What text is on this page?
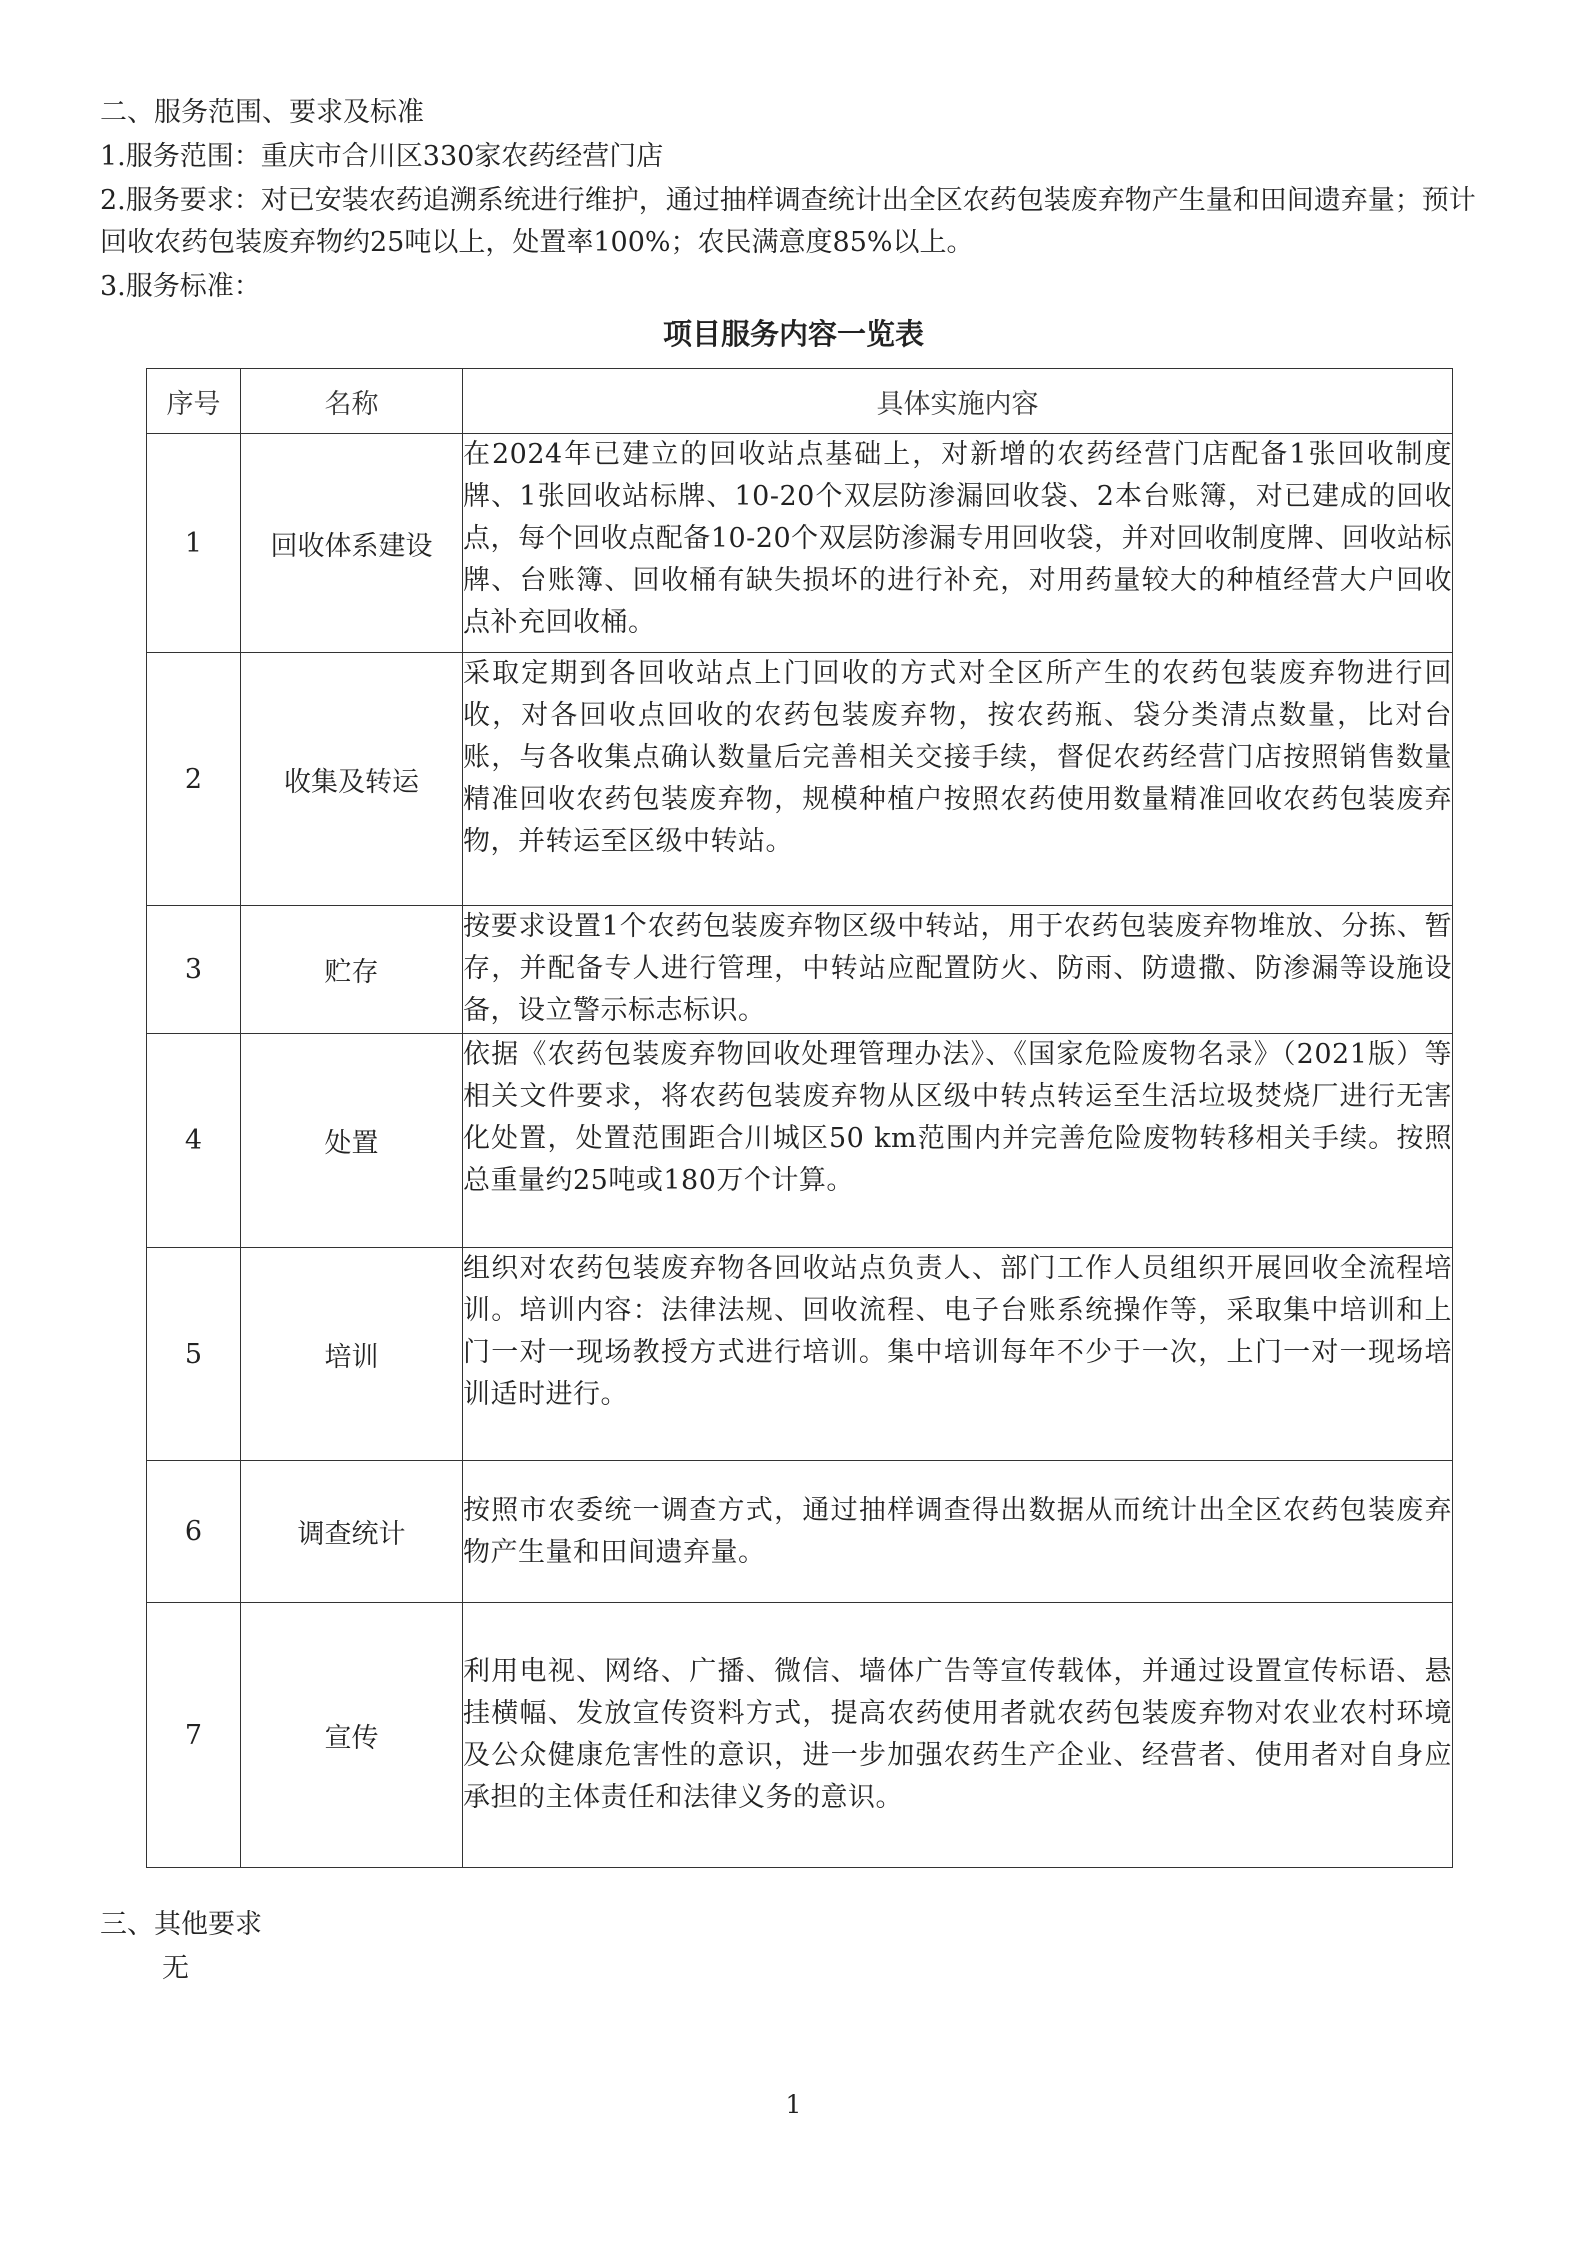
二、服务范围、要求及标准
1.服务范围：重庆市合川区330家农药经营门店
2.服务要求：对已安装农药追溯系统进行维护，通过抽样调查统计出全区农药包装废弃物产生量和田间遗弃量；预计回收农药包装废弃物约25吨以上，处置率100%；农民满意度85%以上。
3.服务标准：
项目服务内容一览表
序号	名称	具体实施内容
1	回收体系建设	在2024年已建立的回收站点基础上，对新增的农药经营门店配备1张回收制度牌、1张回收站标牌、10-20个双层防渗漏回收袋、2本台账簿，对已建成的回收点，每个回收点配备10-20个双层防渗漏专用回收袋，并对回收制度牌、回收站标牌、台账簿、回收桶有缺失损坏的进行补充，对用药量较大的种植经营大户回收点补充回收桶。
2	收集及转运	采取定期到各回收站点上门回收的方式对全区所产生的农药包装废弃物进行回收，对各回收点回收的农药包装废弃物，按农药瓶、袋分类清点数量，比对台账，与各收集点确认数量后完善相关交接手续，督促农药经营门店按照销售数量精准回收农药包装废弃物，规模种植户按照农药使用数量精准回收农药包装废弃物，并转运至区级中转站。
3	贮存	按要求设置1个农药包装废弃物区级中转站，用于农药包装废弃物堆放、分拣、暂存，并配备专人进行管理，中转站应配置防火、防雨、防遗撒、防渗漏等设施设备，设立警示标志标识。
4	处置	依据《农药包装废弃物回收处理管理办法》、《国家危险废物名录》（2021版）等相关文件要求，将农药包装废弃物从区级中转点转运至生活垃圾焚烧厂进行无害化处置，处置范围距合川城区50 km范围内并完善危险废物转移相关手续。按照总重量约25吨或180万个计算。
5	培训	组织对农药包装废弃物各回收站点负责人、部门工作人员组织开展回收全流程培训。培训内容：法律法规、回收流程、电子台账系统操作等，采取集中培训和上门一对一现场教授方式进行培训。集中培训每年不少于一次，上门一对一现场培训适时进行。
6	调查统计	按照市农委统一调查方式，通过抽样调查得出数据从而统计出全区农药包装废弃物产生量和田间遗弃量。
7	宣传	利用电视、网络、广播、微信、墙体广告等宣传载体，并通过设置宣传标语、悬挂横幅、发放宣传资料方式，提高农药使用者就农药包装废弃物对农业农村环境及公众健康危害性的意识，进一步加强农药生产企业、经营者、使用者对自身应承担的主体责任和法律义务的意识。
三、其他要求
无
1
